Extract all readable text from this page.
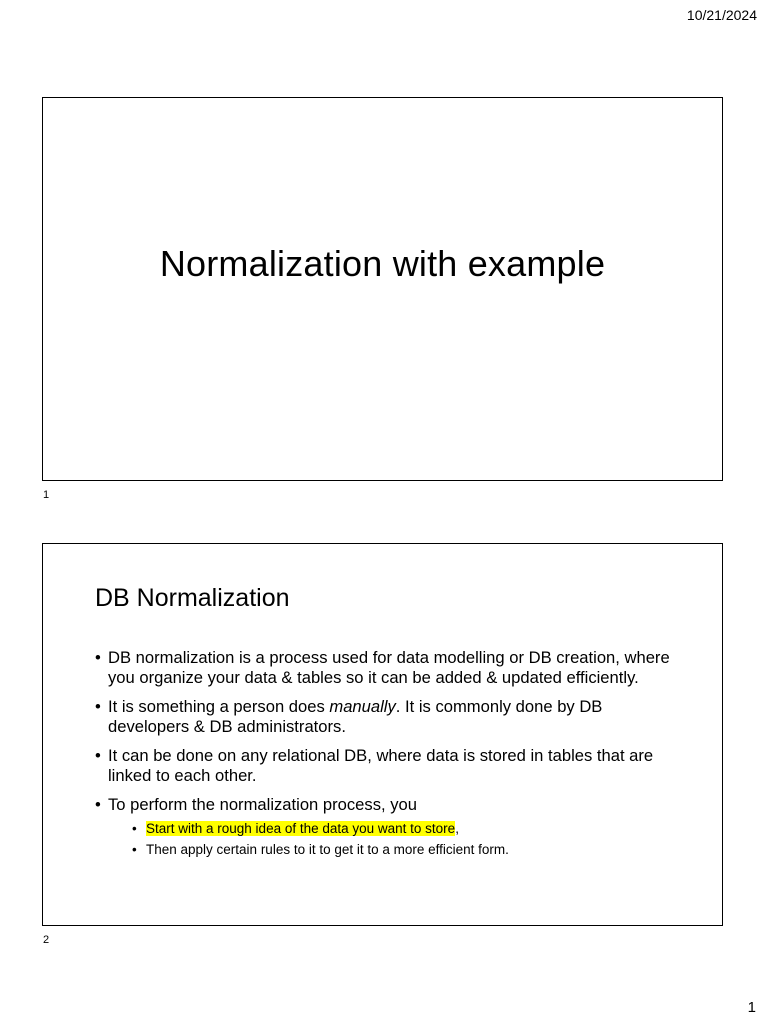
10/21/2024
Normalization with example
1
DB Normalization
• DB normalization is a process used for data modelling or DB creation, where you organize your data & tables so it can be added & updated efficiently.
• It is something a person does manually. It is commonly done by DB developers & DB administrators.
• It can be done on any relational DB, where data is stored in tables that are linked to each other.
• To perform the normalization process, you
• Start with a rough idea of the data you want to store,
• Then apply certain rules to it to get it to a more efficient form.
2
1
